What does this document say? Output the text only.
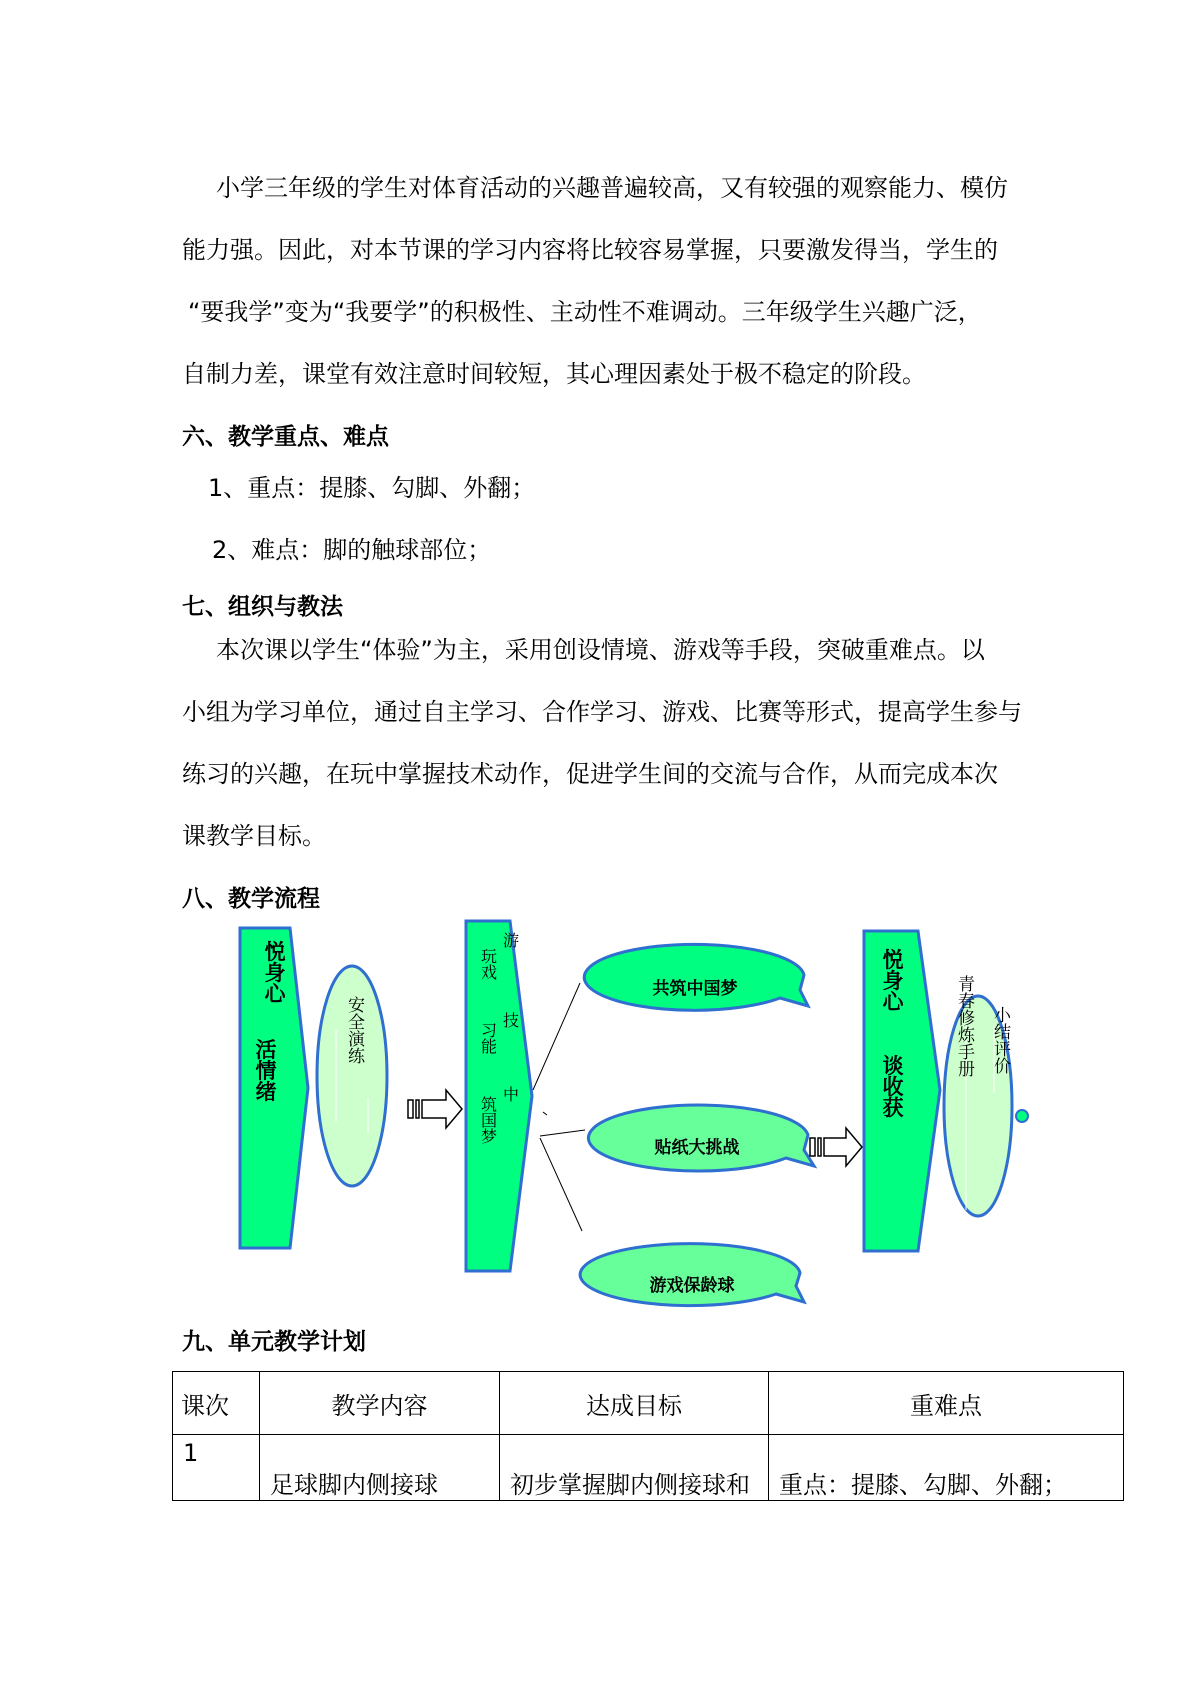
小学三年级的学生对体育活动的兴趣普遍较高，又有较强的观察能力、模仿
能力强。因此，对本节课的学习内容将比较容易掌握，只要激发得当，学生的
“要我学”变为“我要学”的积极性、主动性不难调动。三年级学生兴趣广泛，
自制力差，课堂有效注意时间较短，其心理因素处于极不稳定的阶段。
六、教学重点、难点
1、重点：提膝、勾脚、外翻；
2、难点：脚的触球部位；
七、组织与教法
本次课以学生“体验”为主，采用创设情境、游戏等手段，突破重难点。以
小组为学习单位，通过自主学习、合作学习、游戏、比赛等形式，提高学生参与
练习的兴趣，在玩中掌握技术动作，促进学生间的交流与合作，从而完成本次
课教学目标。
八、教学流程
悦身心
活情绪
安全演练
游
技
中
玩戏
习能
筑国梦
共筑中国梦
贴纸大挑战
游戏保龄球
悦身心
谈收获
青春修炼手册 小结评价
九、单元教学计划
课次	教学内容	达成目标	重难点
1	足球脚内侧接球	初步掌握脚内侧接球和	重点：提膝、勾脚、外翻；
